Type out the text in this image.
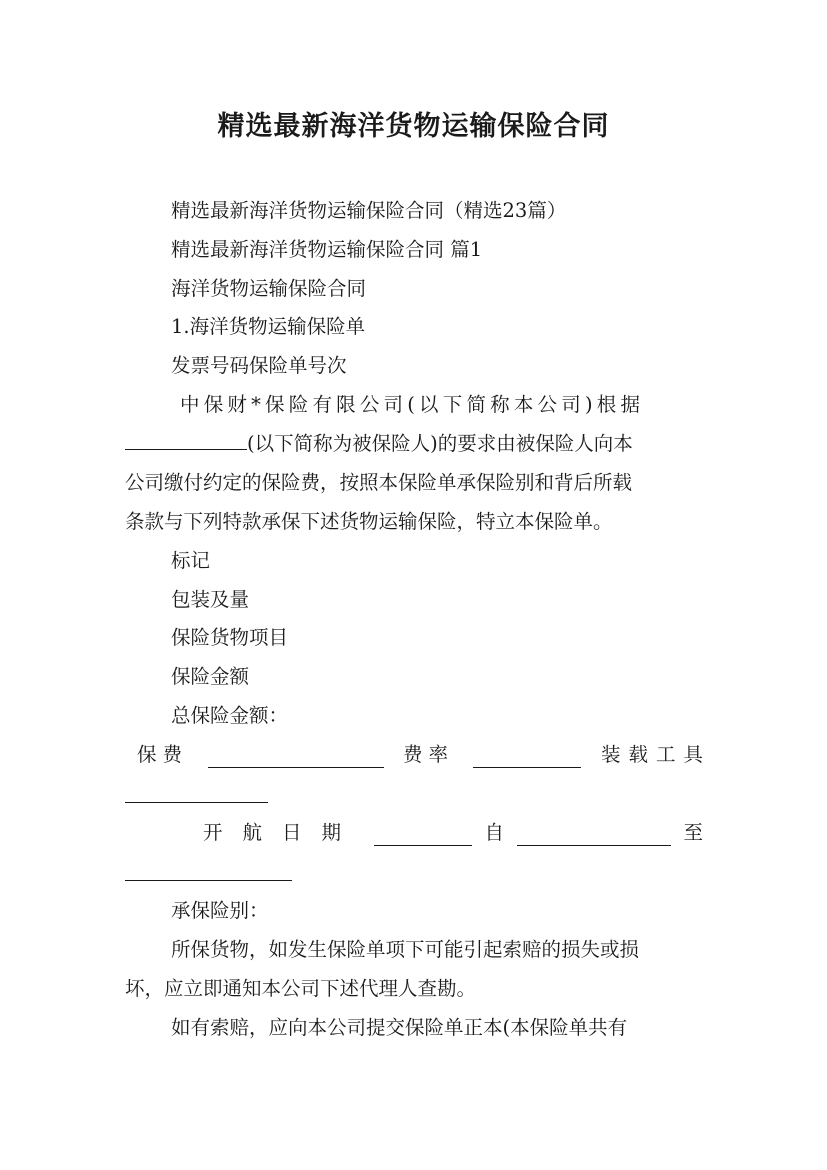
精选最新海洋货物运输保险合同

精选最新海洋货物运输保险合同（精选23篇）

精选最新海洋货物运输保险合同 篇1

海洋货物运输保险合同

1.海洋货物运输保险单

发票号码保险单号次

中保财*保险有限公司(以下简称本公司)根据

(以下简称为被保险人)的要求由被保险人向本

公司缴付约定的保险费，按照本保险单承保险别和背后所载

条款与下列特款承保下述货物运输保险，特立本保险单。

标记

包装及量

保险货物项目

保险金额

总保险金额：

保费	费率	装载工具
开航日期	自	至

承保险别：

所保货物，如发生保险单项下可能引起索赔的损失或损

坏，应立即通知本公司下述代理人查勘。

如有索赔，应向本公司提交保险单正本(本保险单共有
